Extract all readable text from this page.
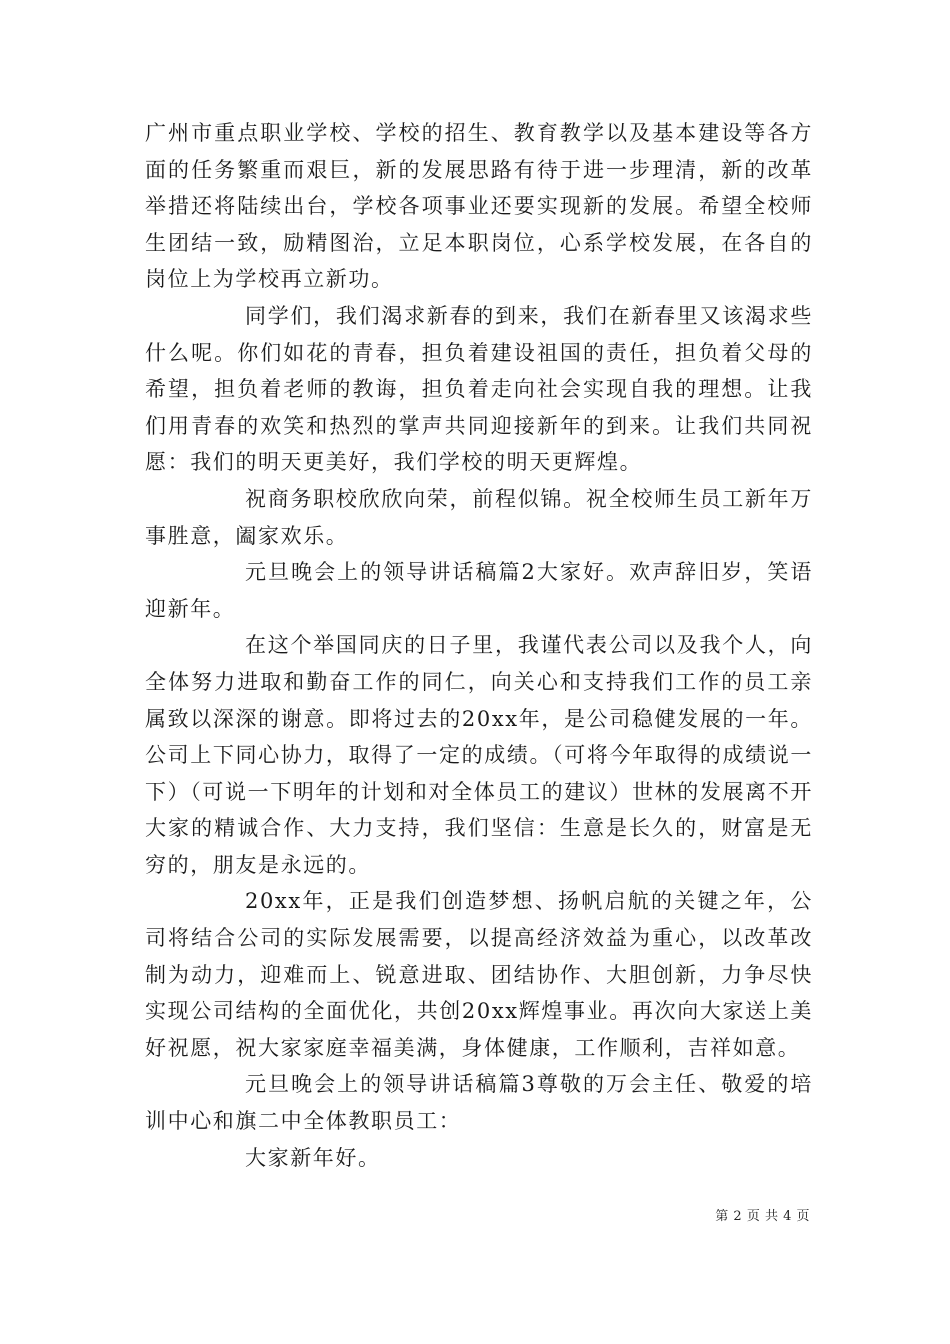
广州市重点职业学校、学校的招生、教育教学以及基本建设等各方面的任务繁重而艰巨，新的发展思路有待于进一步理清，新的改革举措还将陆续出台，学校各项事业还要实现新的发展。希望全校师生团结一致，励精图治，立足本职岗位，心系学校发展，在各自的岗位上为学校再立新功。

同学们，我们渴求新春的到来，我们在新春里又该渴求些什么呢。你们如花的青春，担负着建设祖国的责任，担负着父母的希望，担负着老师的教诲，担负着走向社会实现自我的理想。让我们用青春的欢笑和热烈的掌声共同迎接新年的到来。让我们共同祝愿：我们的明天更美好，我们学校的明天更辉煌。

祝商务职校欣欣向荣，前程似锦。祝全校师生员工新年万事胜意，阖家欢乐。

元旦晚会上的领导讲话稿篇2大家好。欢声辞旧岁，笑语迎新年。

在这个举国同庆的日子里，我谨代表公司以及我个人，向全体努力进取和勤奋工作的同仁，向关心和支持我们工作的员工亲属致以深深的谢意。即将过去的20xx年，是公司稳健发展的一年。公司上下同心协力，取得了一定的成绩。（可将今年取得的成绩说一下）（可说一下明年的计划和对全体员工的建议）世林的发展离不开大家的精诚合作、大力支持，我们坚信：生意是长久的，财富是无穷的，朋友是永远的。

20xx年，正是我们创造梦想、扬帆启航的关键之年，公司将结合公司的实际发展需要，以提高经济效益为重心，以改革改制为动力，迎难而上、锐意进取、团结协作、大胆创新，力争尽快实现公司结构的全面优化，共创20xx辉煌事业。再次向大家送上美好祝愿，祝大家家庭幸福美满，身体健康，工作顺利，吉祥如意。

元旦晚会上的领导讲话稿篇3尊敬的万会主任、敬爱的培训中心和旗二中全体教职员工：

大家新年好。

第 2 页 共 4 页
